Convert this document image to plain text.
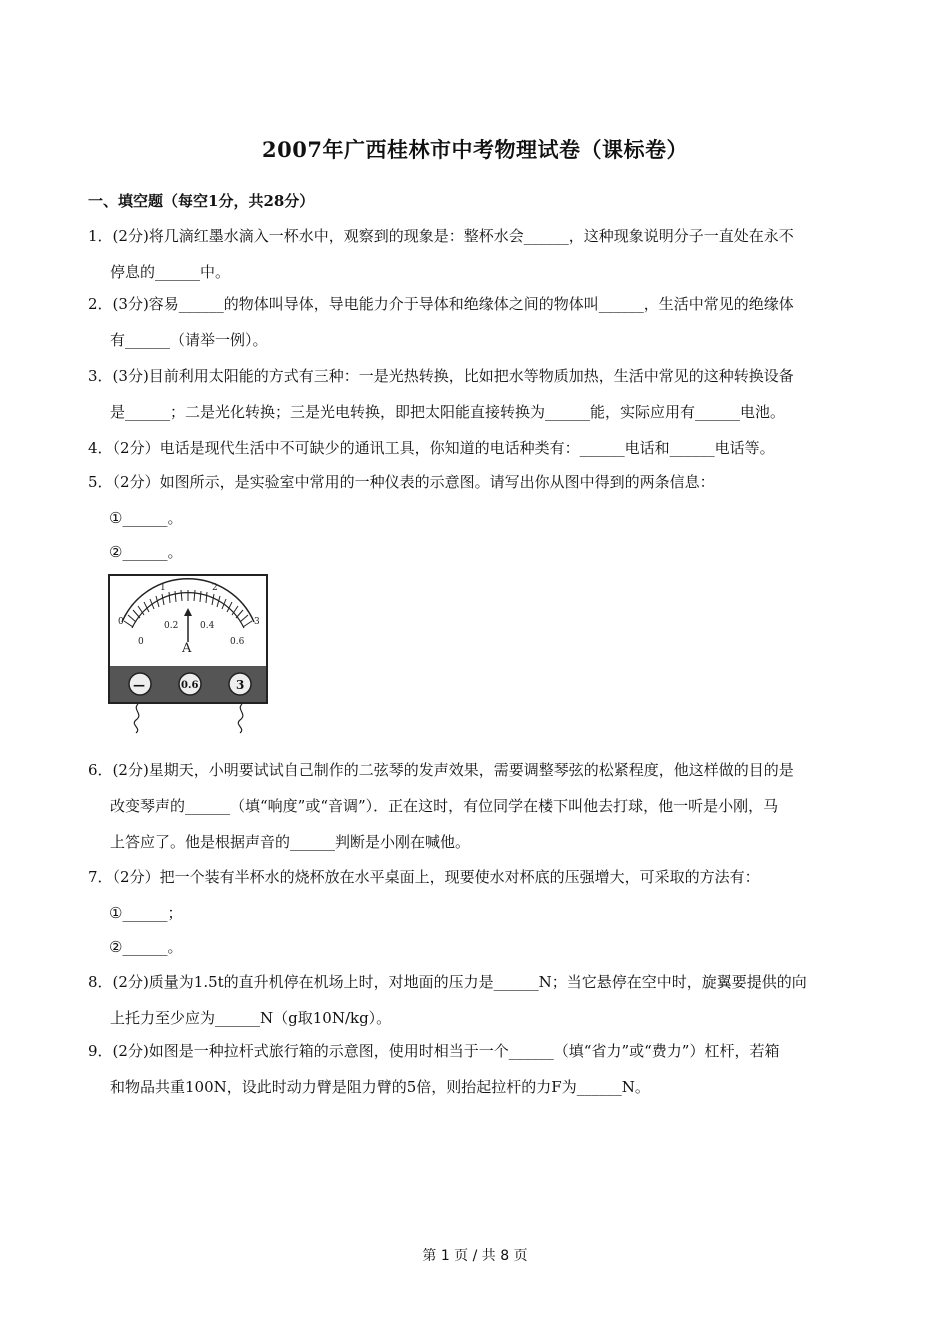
2007年广西桂林市中考物理试卷（课标卷）
一、填空题（每空1分，共28分）
1．(2分)将几滴红墨水滴入一杯水中，观察到的现象是：整杯水会______，这种现象说明分子一直处在永不
停息的______中。
2．(3分)容易______的物体叫导体，导电能力介于导体和绝缘体之间的物体叫______，生活中常见的绝缘体
有______（请举一例）。
3．(3分)目前利用太阳能的方式有三种：一是光热转换，比如把水等物质加热，生活中常见的这种转换设备
是______；二是光化转换；三是光电转换，即把太阳能直接转换为______能，实际应用有______电池。
4．（2分）电话是现代生活中不可缺少的通讯工具，你知道的电话种类有：______电话和______电话等。
5．（2分）如图所示，是实验室中常用的一种仪表的示意图。请写出你从图中得到的两条信息：
①______。
②______。
0
1	2
3
0
0.2 0.4
0.6
A
—	0.6	3
6．(2分)星期天，小明要试试自己制作的二弦琴的发声效果，需要调整琴弦的松紧程度，他这样做的目的是
改变琴声的______（填“响度”或“音调”）．正在这时，有位同学在楼下叫他去打球，他一听是小刚，马
上答应了。他是根据声音的______判断是小刚在喊他。
7．（2分）把一个装有半杯水的烧杯放在水平桌面上，现要使水对杯底的压强增大，可采取的方法有：
①______；
②______。
8．(2分)质量为1.5t的直升机停在机场上时，对地面的压力是______N；当它悬停在空中时，旋翼要提供的向
上托力至少应为______N（g取10N/kg）。
9．(2分)如图是一种拉杆式旅行箱的示意图，使用时相当于一个______（填“省力”或“费力”）杠杆，若箱
和物品共重100N，设此时动力臂是阻力臂的5倍，则抬起拉杆的力F为______N。
第 1 页 / 共 8 页
